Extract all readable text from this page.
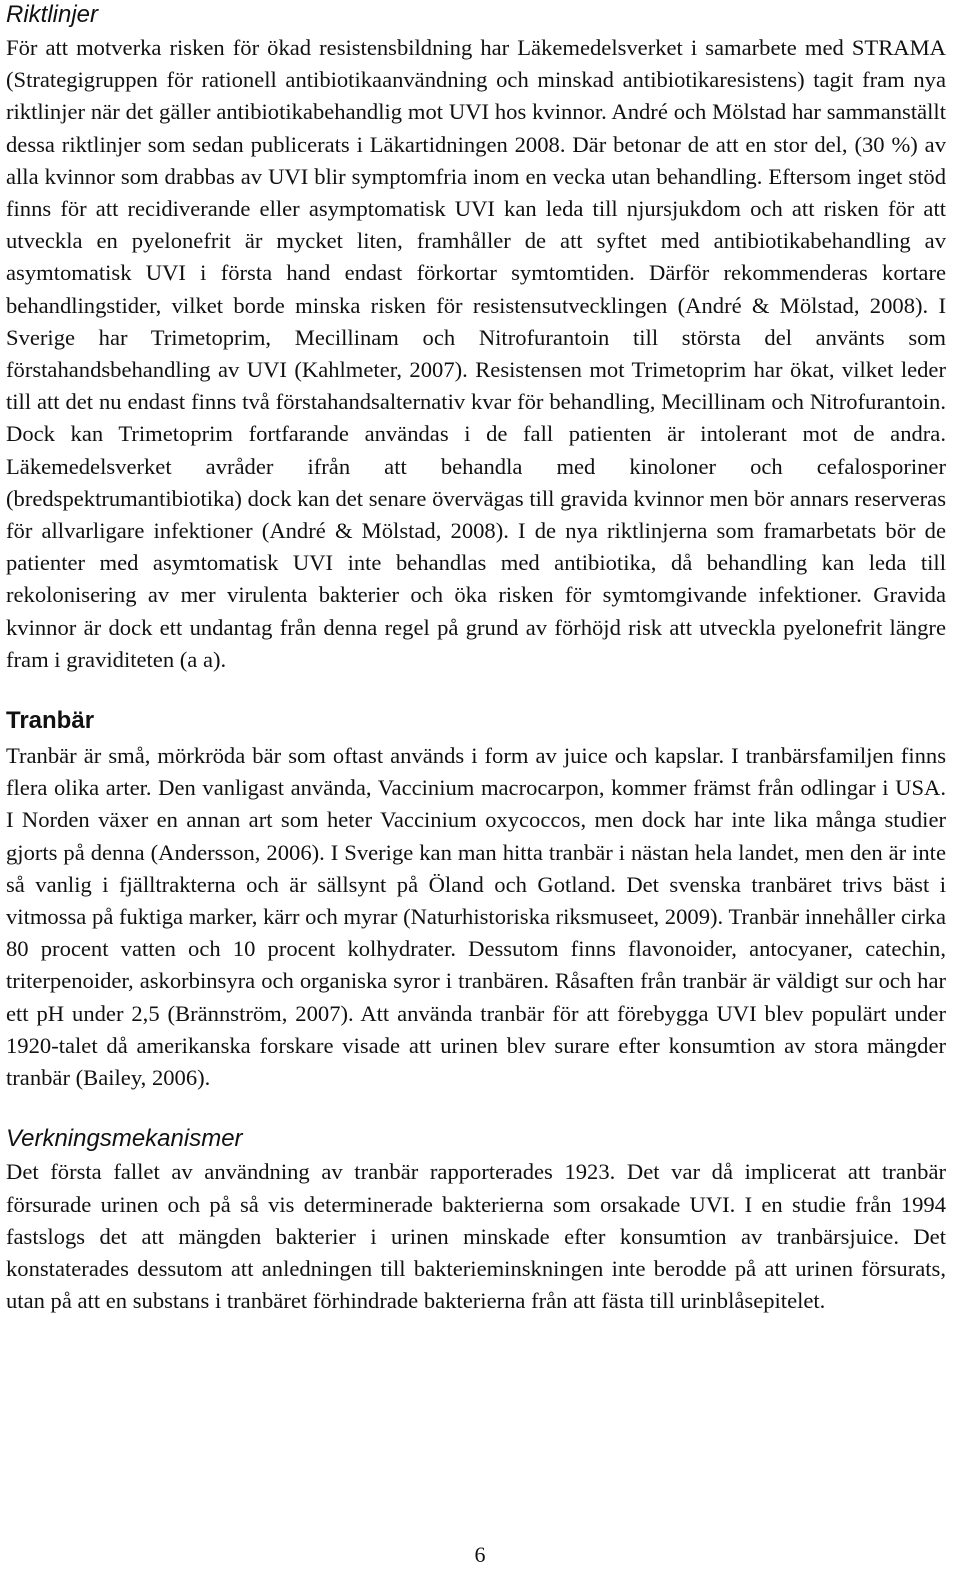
Riktlinjer

För att motverka risken för ökad resistensbildning har Läkemedelsverket i samarbete med STRAMA (Strategigruppen för rationell antibiotikaanvändning och minskad antibiotikaresistens) tagit fram nya riktlinjer när det gäller antibiotikabehandlig mot UVI hos kvinnor. André och Mölstad har sammanställt dessa riktlinjer som sedan publicerats i Läkartidningen 2008. Där betonar de att en stor del, (30 %) av alla kvinnor som drabbas av UVI blir symptomfria inom en vecka utan behandling. Eftersom inget stöd finns för att recidiverande eller asymptomatisk UVI kan leda till njursjukdom och att risken för att utveckla en pyelonefrit är mycket liten, framhåller de att syftet med antibiotikabehandling av asymtomatisk UVI i första hand endast förkortar symtomtiden. Därför rekommenderas kortare behandlingstider, vilket borde minska risken för resistensutvecklingen (André & Mölstad, 2008). I Sverige har Trimetoprim, Mecillinam och Nitrofurantoin till största del använts som förstahandsbehandling av UVI (Kahlmeter, 2007). Resistensen mot Trimetoprim har ökat, vilket leder till att det nu endast finns två förstahandsalternativ kvar för behandling, Mecillinam och Nitrofurantoin. Dock kan Trimetoprim fortfarande användas i de fall patienten är intolerant mot de andra. Läkemedelsverket avråder ifrån att behandla med kinoloner och cefalosporiner (bredspektrumantibiotika) dock kan det senare övervägas till gravida kvinnor men bör annars reserveras för allvarligare infektioner (André & Mölstad, 2008). I de nya riktlinjerna som framarbetats bör de patienter med asymtomatisk UVI inte behandlas med antibiotika, då behandling kan leda till rekolonisering av mer virulenta bakterier och öka risken för symtomgivande infektioner. Gravida kvinnor är dock ett undantag från denna regel på grund av förhöjd risk att utveckla pyelonefrit längre fram i graviditeten (a a).

Tranbär

Tranbär är små, mörkröda bär som oftast används i form av juice och kapslar. I tranbärsfamiljen finns flera olika arter. Den vanligast använda, Vaccinium macrocarpon, kommer främst från odlingar i USA. I Norden växer en annan art som heter Vaccinium oxycoccos, men dock har inte lika många studier gjorts på denna (Andersson, 2006). I Sverige kan man hitta tranbär i nästan hela landet, men den är inte så vanlig i fjälltrakterna och är sällsynt på Öland och Gotland. Det svenska tranbäret trivs bäst i vitmossa på fuktiga marker, kärr och myrar (Naturhistoriska riksmuseet, 2009). Tranbär innehåller cirka 80 procent vatten och 10 procent kolhydrater. Dessutom finns flavonoider, antocyaner, catechin, triterpenoider, askorbinsyra och organiska syror i tranbären. Råsaften från tranbär är väldigt sur och har ett pH under 2,5 (Brännström, 2007). Att använda tranbär för att förebygga UVI blev populärt under 1920-talet då amerikanska forskare visade att urinen blev surare efter konsumtion av stora mängder tranbär (Bailey, 2006).

Verkningsmekanismer

Det första fallet av användning av tranbär rapporterades 1923. Det var då implicerat att tranbär försurade urinen och på så vis determinerade bakterierna som orsakade UVI. I en studie från 1994 fastslogs det att mängden bakterier i urinen minskade efter konsumtion av tranbärsjuice. Det konstaterades dessutom att anledningen till bakterieminskningen inte berodde på att urinen försurats, utan på att en substans i tranbäret förhindrade bakterierna från att fästa till urinblåsepitelet.

6
